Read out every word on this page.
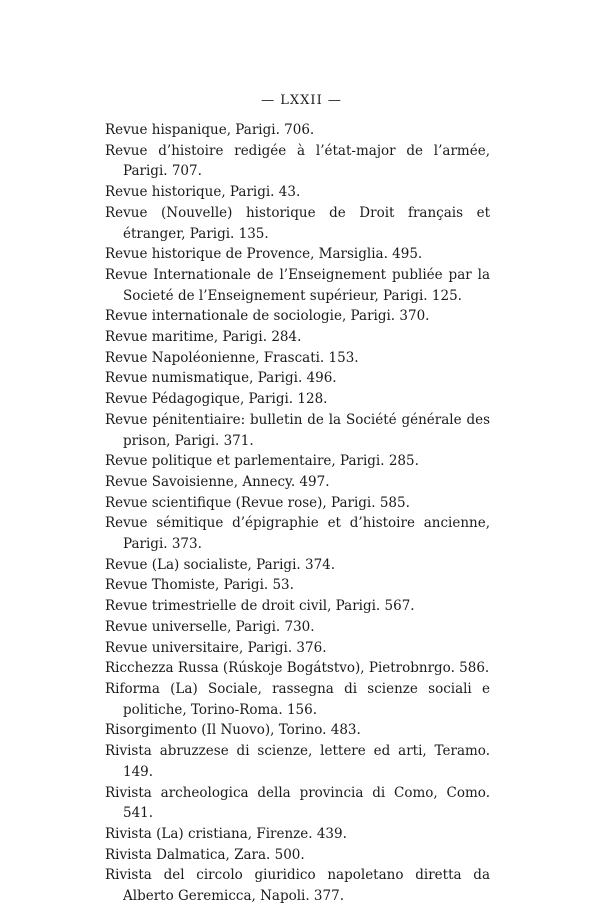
— LXXII —
Revue hispanique, Parigi. 706.
Revue d’histoire redigée à l’état-major de l’armée, Parigi. 707.
Revue historique, Parigi. 43.
Revue (Nouvelle) historique de Droit français et étranger, Parigi. 135.
Revue historique de Provence, Marsiglia. 495.
Revue Internationale de l’Enseignement publiée par la Societé de l’Enseignement supérieur, Parigi. 125.
Revue internationale de sociologie, Parigi. 370.
Revue maritime, Parigi. 284.
Revue Napoléonienne, Frascati. 153.
Revue numismatique, Parigi. 496.
Revue Pédagogique, Parigi. 128.
Revue pénitentiaire: bulletin de la Société générale des prison, Parigi. 371.
Revue politique et parlementaire, Parigi. 285.
Revue Savoisienne, Annecy. 497.
Revue scientifique (Revue rose), Parigi. 585.
Revue sémitique d’épigraphie et d’histoire ancienne, Parigi. 373.
Revue (La) socialiste, Parigi. 374.
Revue Thomiste, Parigi. 53.
Revue trimestrielle de droit civil, Parigi. 567.
Revue universelle, Parigi. 730.
Revue universitaire, Parigi. 376.
Ricchezza Russa (Rúskoje Bogátstvo), Pietrobnrgo. 586.
Riforma (La) Sociale, rassegna di scienze sociali e politiche, Torino-Roma. 156.
Risorgimento (Il Nuovo), Torino. 483.
Rivista abruzzese di scienze, lettere ed arti, Teramo. 149.
Rivista archeologica della provincia di Como, Como. 541.
Rivista (La) cristiana, Firenze. 439.
Rivista Dalmatica, Zara. 500.
Rivista del circolo giuridico napoletano diretta da Alberto Geremicca, Napoli. 377.
